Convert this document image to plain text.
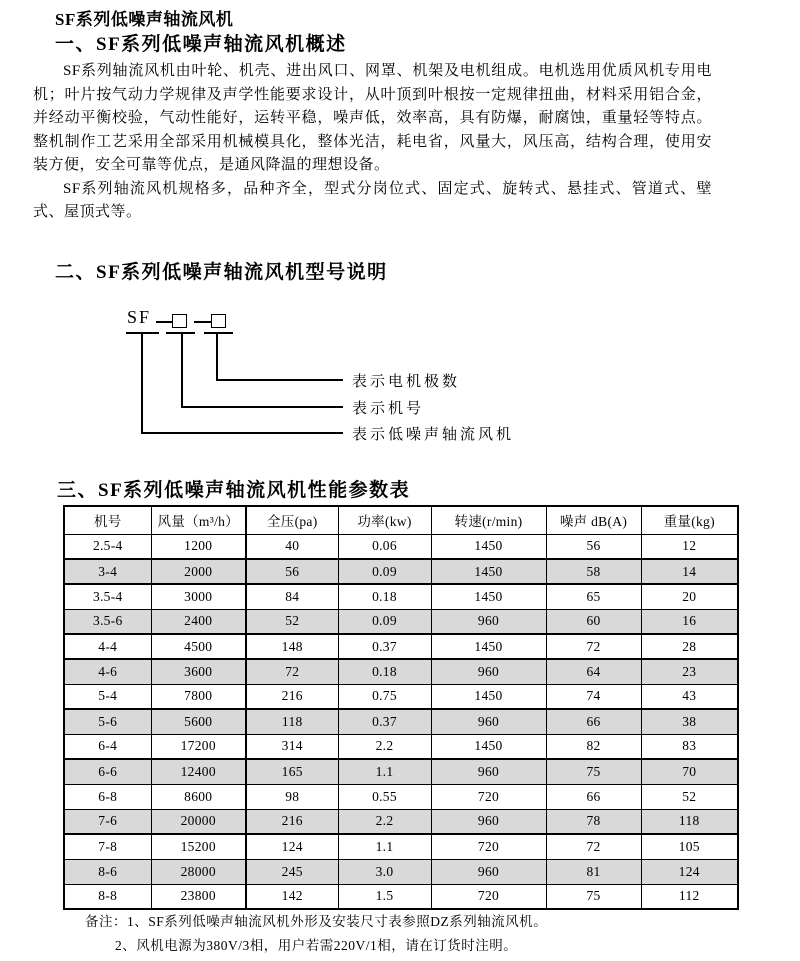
SF系列低噪声轴流风机
一、SF系列低噪声轴流风机概述

SF系列轴流风机由叶轮、机壳、进出风口、网罩、机架及电机组成。电机选用优质风机专用电机；叶片按气动力学规律及声学性能要求设计，从叶顶到叶根按一定规律扭曲，材料采用铝合金，并经动平衡校验，气动性能好，运转平稳，噪声低，效率高，具有防爆，耐腐蚀，重量轻等特点。整机制作工艺采用全部采用机械模具化，整体光洁，耗电省，风量大，风压高，结构合理，使用安装方便，安全可靠等优点，是通风降温的理想设备。

SF系列轴流风机规格多，品种齐全，型式分岗位式、固定式、旋转式、悬挂式、管道式、壁式、屋顶式等。

二、SF系列低噪声轴流风机型号说明
SF
表示电机极数
表示机号
表示低噪声轴流风机
三、SF系列低噪声轴流风机性能参数表
机号	风量（m³/h）	全压(pa)	功率(kw)	转速(r/min)	噪声 dB(A)	重量(kg)
2.5-4	1200	40	0.06	1450	56	12
3-4	2000	56	0.09	1450	58	14
3.5-4	3000	84	0.18	1450	65	20
3.5-6	2400	52	0.09	960	60	16
4-4	4500	148	0.37	1450	72	28
4-6	3600	72	0.18	960	64	23
5-4	7800	216	0.75	1450	74	43
5-6	5600	118	0.37	960	66	38
6-4	17200	314	2.2	1450	82	83
6-6	12400	165	1.1	960	75	70
6-8	8600	98	0.55	720	66	52
7-6	20000	216	2.2	960	78	118
7-8	15200	124	1.1	720	72	105
8-6	28000	245	3.0	960	81	124
8-8	23800	142	1.5	720	75	112

备注：1、SF系列低噪声轴流风机外形及安装尺寸表参照DZ系列轴流风机。

2、风机电源为380V/3相，用户若需220V/1相，请在订货时注明。
